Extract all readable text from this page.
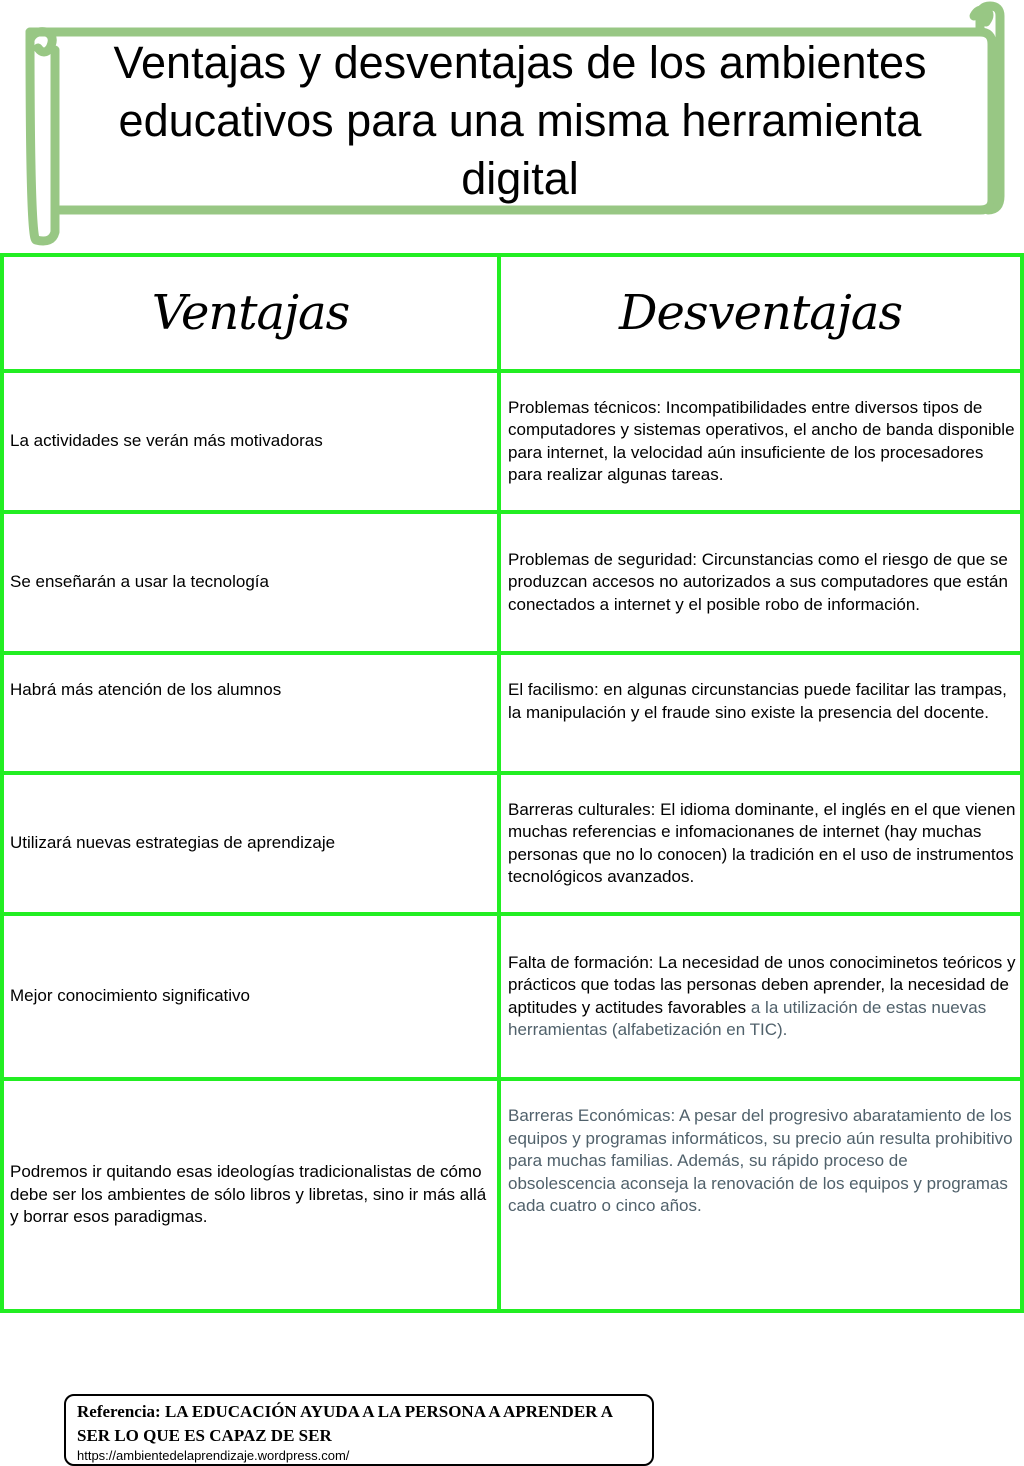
Ventajas y desventajas de los ambientes educativos para una misma herramienta digital
Ventajas	Desventajas
La actividades se verán más motivadoras	Problemas técnicos: Incompatibilidades entre diversos tipos de computadores y sistemas operativos, el ancho de banda disponible para internet, la velocidad aún insuficiente de los procesadores para realizar algunas tareas.
Se enseñarán a usar la tecnología	Problemas de seguridad: Circunstancias como el riesgo de que se produzcan accesos no autorizados a sus computadores que están conectados a internet y el posible robo de información.
Habrá más atención de los alumnos	El facilismo: en algunas circunstancias puede facilitar las trampas, la manipulación y el fraude sino existe la presencia del docente.
Utilizará nuevas estrategias de aprendizaje	Barreras culturales: El idioma dominante, el inglés en el que vienen muchas referencias e infomacionanes de internet (hay muchas personas que no lo conocen) la tradición en el uso de instrumentos tecnológicos avanzados.
Mejor conocimiento significativo	Falta de formación: La necesidad de unos conociminetos teóricos y prácticos que todas las personas deben aprender, la necesidad de aptitudes y actitudes favorables a la utilización de estas nuevas herramientas (alfabetización en TIC).
Podremos ir quitando esas ideologías tradicionalistas de cómo debe ser los ambientes de sólo libros y libretas, sino ir más allá y borrar esos paradigmas.	Barreras Económicas: A pesar del progresivo abaratamiento de los equipos y programas informáticos, su precio aún resulta prohibitivo para muchas familias. Además, su rápido proceso de obsolescencia aconseja la renovación de los equipos y programas cada cuatro o cinco años.

Referencia: LA EDUCACIÓN AYUDA A LA PERSONA A APRENDER A SER LO QUE ES CAPAZ DE SER

https://ambientedelaprendizaje.wordpress.com/
